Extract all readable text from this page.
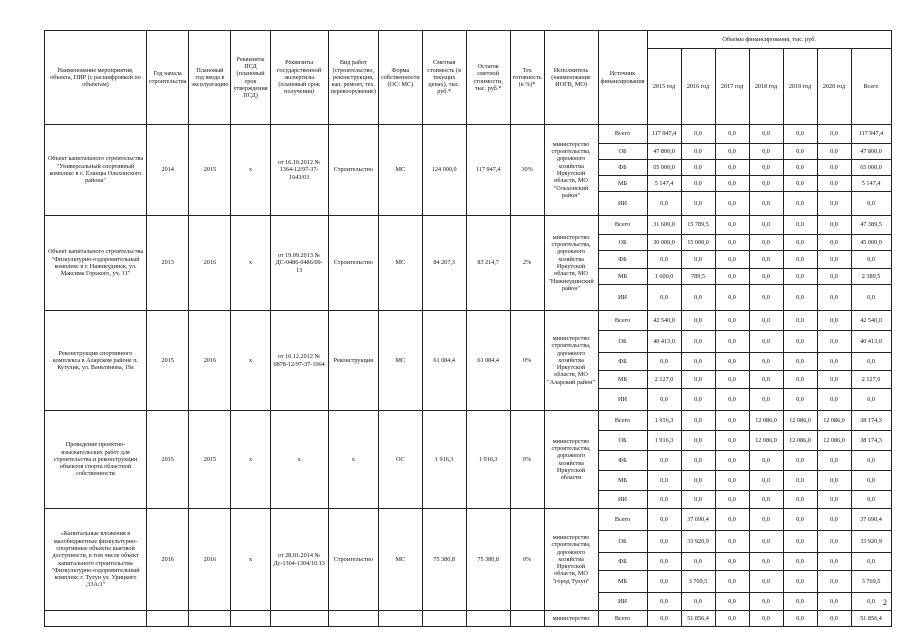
Наименование мероприятия, объекта, ПИР (с расшифровкой по объектам)	Год начала строительства	Плановый год ввода в эксплуатацию	Реквизиты ПСД (плановый срок утверждения ПСД)	Реквизиты государственной экспертизы (плановый срок получения)	Вид работ (строительство, реконструкция, кап. ремонт, тех. перевооружение)	Форма собственности (ОС/ МС)	Сметная стоимость (в текущих ценах), тыс. руб.*	Остаток сметной стоимости, тыс. руб.*	Тех готовность (в %)*	Исполнитель (наименование ИОГВ, МО)	Источник финансирования	Объемы финансирования, тыс. руб.						
												2015 год	2016 год	2017 год	2018 год	2019 год	2020 год	Всего
Объект капитального строительства "Универсальный спортивный комплекс в с. Еланцы Ольхонского района"	2014	2015	х	от 16.10.2012 № 1364-12/97-37-1043/03	Строительство	МС	124 000,0	117 947,4	30%	министерство строительства, дорожного хозяйства Иркутской области, МО "Ольхонский район"	Всего	117 947,4	0,0	0,0	0,0	0,0	0,0	117 947,4
											ОБ	47 800,0	0,0	0,0	0,0	0,0	0,0	47 800,0
											ФБ	65 000,0	0,0	0,0	0,0	0,0	0,0	65 000,0
											МБ	5 147,4	0,0	0,0	0,0	0,0	0,0	5 147,4
											ИИ	0,0	0,0	0,0	0,0	0,0	0,0	0,0
Объект капитального строительства "Физкультурно-оздоровительный комплекс в г. Нижнеудинск, ул. Максима Горького, уч. 11"	2013	2016	х	от 19.09.2013 № ДС-0486-0486/09-13	Строительство	МС	84 267,3	83 214,7	2%	министерство строительства, дорожного хозяйства Иркутской области, МО "Нижнеудинский район"	Всего	31 600,0	15 789,5	0,0	0,0	0,0	0,0	47 389,5
											ОБ	30 000,0	15 000,0	0,0	0,0	0,0	0,0	45 000,0
											ФБ	0,0	0,0	0,0	0,0	0,0	0,0	0,0
											МБ	1 600,0	789,5	0,0	0,0	0,0	0,0	2 389,5
											ИИ	0,0	0,0	0,0	0,0	0,0	0,0	0,0
Реконструкция спортивного комплекса в Аларском районе п. Кутулик, ул. Ваньтинова, 19а	2015	2016	х	от 10.12.2012 № 0878-12/97-37-1064	Реконструкция	МС	61 084,4	61 084,4	0%	министерство строительства, дорожного хозяйства Иркутской области, МО "Аларский район"	Всего	42 540,0	0,0	0,0	0,0	0,0	0,0	42 540,0
											ОБ	40 413,0	0,0	0,0	0,0	0,0	0,0	40 413,0
											ФБ	0,0	0,0	0,0	0,0	0,0	0,0	0,0
											МБ	2 127,0	0,0	0,0	0,0	0,0	0,0	2 127,0
											ИИ	0,0	0,0	0,0	0,0	0,0	0,0	0,0
Проведение проектно-изыскательских работ для строительства и реконструкции объектов спорта областной собственности	2015	2015	х	х	х	ОС	1 916,3	1 916,3	0%	министерство строительства, дорожного хозяйства Иркутской области	Всего	1 916,3	0,0	0,0	12 086,0	12 086,0	12 086,0	38 174,3
											ОБ	1 916,3	0,0	0,0	12 086,0	12 086,0	12 086,0	38 174,3
											ФБ	0,0	0,0	0,0	0,0	0,0	0,0	0,0
											МБ	0,0	0,0	0,0	0,0	0,0	0,0	0,0
											ИИ	0,0	0,0	0,0	0,0	0,0	0,0	0,0
«Капитальные вложения в малобюджетные физкультурно-спортивные объекты шаговой доступности, в том числе объект капитального строительства "Физкультурно-оздоровительный комплекс г. Тулун ул. Урицкого ,33А/1"	2016	2016	х	от 28.01.2014 № Дс-1304-1304/10.13	Строительство	МС	75 380,8	75 380,8	0%	министерство строительства, дорожного хозяйства Иркутской области, МО "город Тулун"	Всего	0,0	37 690,4	0,0	0,0	0,0	0,0	37 690,4
											ОБ	0,0	33 920,9	0,0	0,0	0,0	0,0	33 920,9
											ФБ	0,0	0,0	0,0	0,0	0,0	0,0	0,0
											МБ	0,0	3 769,5	0,0	0,0	0,0	0,0	3 769,5
											ИИ	0,0	0,0	0,0	0,0	0,0	0,0	0,0
										министерство	Всего	0,0	51 856,4	0,0	0,0	0,0	0,0	51 856,4
2
